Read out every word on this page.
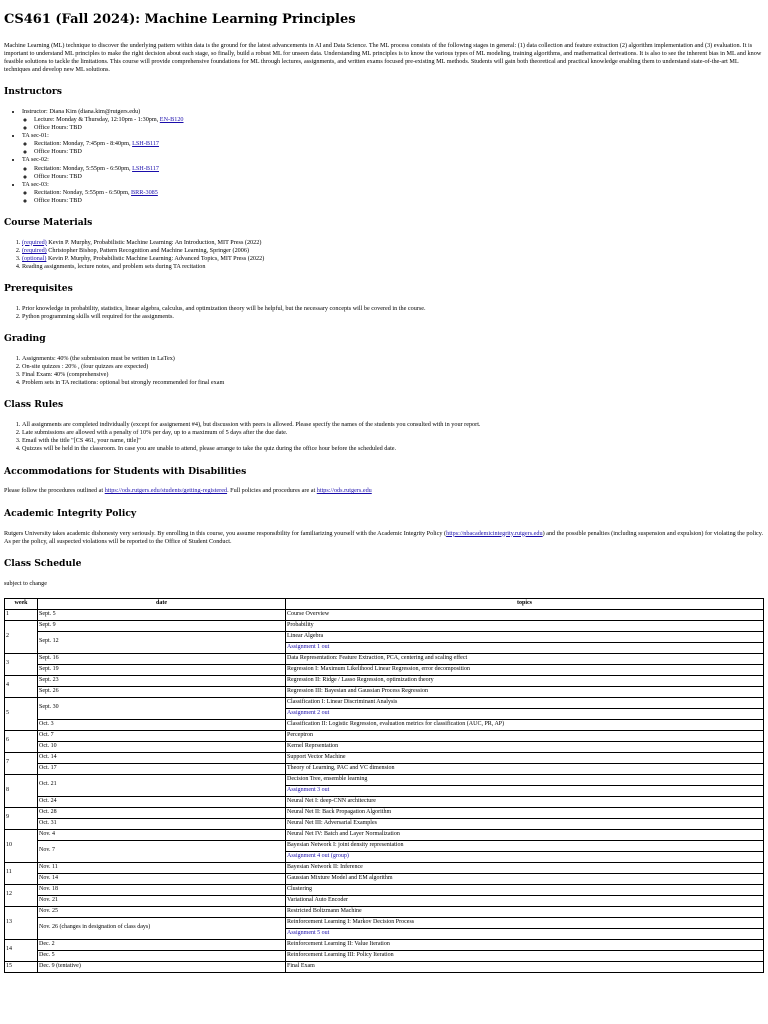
CS461 (Fall 2024): Machine Learning Principles

Machine Learning (ML) technique to discover the underlying pattern within data is the ground for the latest advancements in AI and Data Science. The ML process consists of the following stages in general: (1) data collection and feature extraction (2) algorithm implementation and (3) evaluation. It is important to understand ML principles to make the right decision about each stage, so finally, build a robust ML for unseen data. Understanding ML principles is to know the various types of ML modeling, training algorithms, and mathematical derivations. It is also to see the inherent bias in ML and know feasible solutions to tackle the limitations. This course will provide comprehensive foundations for ML through lectures, assignments, and written exams focused pre-existing ML methods. Students will gain both theoretical and practical knowledge enabling them to understand state-of-the-art ML techniques and develop new ML solutions.

Instructors
• Instructor: Diana Kim (diana.kim@rutgers.edu)
◦ Lecture: Monday & Thursday, 12:10pm - 1:30pm, EN-B120
◦ Office Hours: TBD
• TA sec-01:
◦ Recitation: Monday, 7:45pm - 8:40pm, LSH-B117
◦ Office Hours: TBD
• TA sec-02:
◦ Recitation: Monday, 5:55pm - 6:50pm, LSH-B117
◦ Office Hours: TBD
• TA sec-03:
◦ Recitation: Nonday, 5:55pm - 6:50pm, BRR-3085
◦ Office Hours: TBD
Course Materials
1. (required) Kevin P. Murphy, Probabilistic Machine Learning: An Introduction, MIT Press (2022)
2. (required) Christopher Bishop, Pattern Recognition and Machine Learning, Springer (2006)
3. (optional) Kevin P. Murphy, Probabilistic Machine Learning: Advanced Topics, MIT Press (2022)
4. Reading assignments, lecture notes, and problem sets during TA recitation
Prerequisites
1. Prior knowledge in probability, statistics, linear algebra, calculus, and optimization theory will be helpful, but the necessary concepts will be covered in the course.
2. Python programming skills will required for the assignments.
Grading
1. Assignments: 40% (the submission must be written in LaTex)
2. On-site quizzes : 20% , (four quizzes are expected)
3. Final Exam: 40% (comprehensive)
4. Problem sets in TA recitations: optional but strongly recommended for final exam
Class Rules
1. All assignments are completed individually (except for assignement #4), but discussion with peers is allowed. Please specify the names of the students you consulted with in your report.
2. Late submissions are allowed with a penalty of 10% per day, up to a maximum of 5 days after the due date.
3. Email with the title "[CS 461, your name, title]"
4. Quizzes will be held in the classroom. In case you are unable to attend, please arrange to take the quiz during the office hour before the scheduled date.
Accommodations for Students with Disabilities

Please follow the procedures outlined at https://ods.rutgers.edu/students/getting-registered. Full policies and procedures are at https://ods.rutgers.edu

Academic Integrity Policy

Rutgers University takes academic dishonesty very seriously. By enrolling in this course, you assume responsibility for familiarizing yourself with the Academic Integrity Policy (https://nbacademicintegrity.rutgers.edu) and the possible penalties (including suspension and expulsion) for violating the policy. As per the policy, all suspected violations will be reported to the Office of Student Conduct.

Class Schedule

subject to change

week	date	topics
1	Sept. 5	Course Overview
2	Sept. 9	Probability
	Sept. 12	Linear Algebra
		Assignment 1 out
3	Sept. 16	Data Representation: Feature Extraction, PCA, centering and scaling effect
	Sept. 19	Regression I: Maximum Likelihood Linear Regression, error decomposition
4	Sept. 23	Regression II: Ridge / Lasso Regression, optimization theory
	Sept. 26	Regression III: Bayesian and Gaussian Process Regression
5	Sept. 30	Classification I: Linear Discriminant Analysis
		Assignment 2 out
	Oct. 3	Classification II: Logistic Regression, evaluation metrics for classification (AUC, PR, AP)
6	Oct. 7	Perceptron
	Oct. 10	Kernel Reprsentation
7	Oct. 14	Support Vector Machine
	Oct. 17	Theory of Learning, PAC and VC dimension
8	Oct. 21	Decision Tree, ensemble learning
		Assignment 3 out
	Oct. 24	Neural Net I: deep-CNN architecture
9	Oct. 28	Neural Net II: Back Propagation Algorithm
	Oct. 31	Neural Net III: Adversarial Examples
10	Nov. 4	Neural Net IV: Batch and Layer Normalization
	Nov. 7	Bayesian Network I: joint density representation
		Assignment 4 out (group)
11	Nov. 11	Bayesian Network II: Inference
	Nov. 14	Gaussian Mixture Model and EM algorithm
12	Nov. 18	Clustering
	Nov. 21	Variational Auto Encoder
13	Nov. 25	Restricted Boltzmann Machine
	Nov. 26 (changes in designation of class days)	Reinforcement Learning I: Markov Decision Process
		Assignment 5 out
14	Dec. 2	Reinforcement Learning II: Value Iteration
	Dec. 5	Reinforcement Learning III: Policy Iteration
15	Dec. 9 (tentative)	Final Exam
